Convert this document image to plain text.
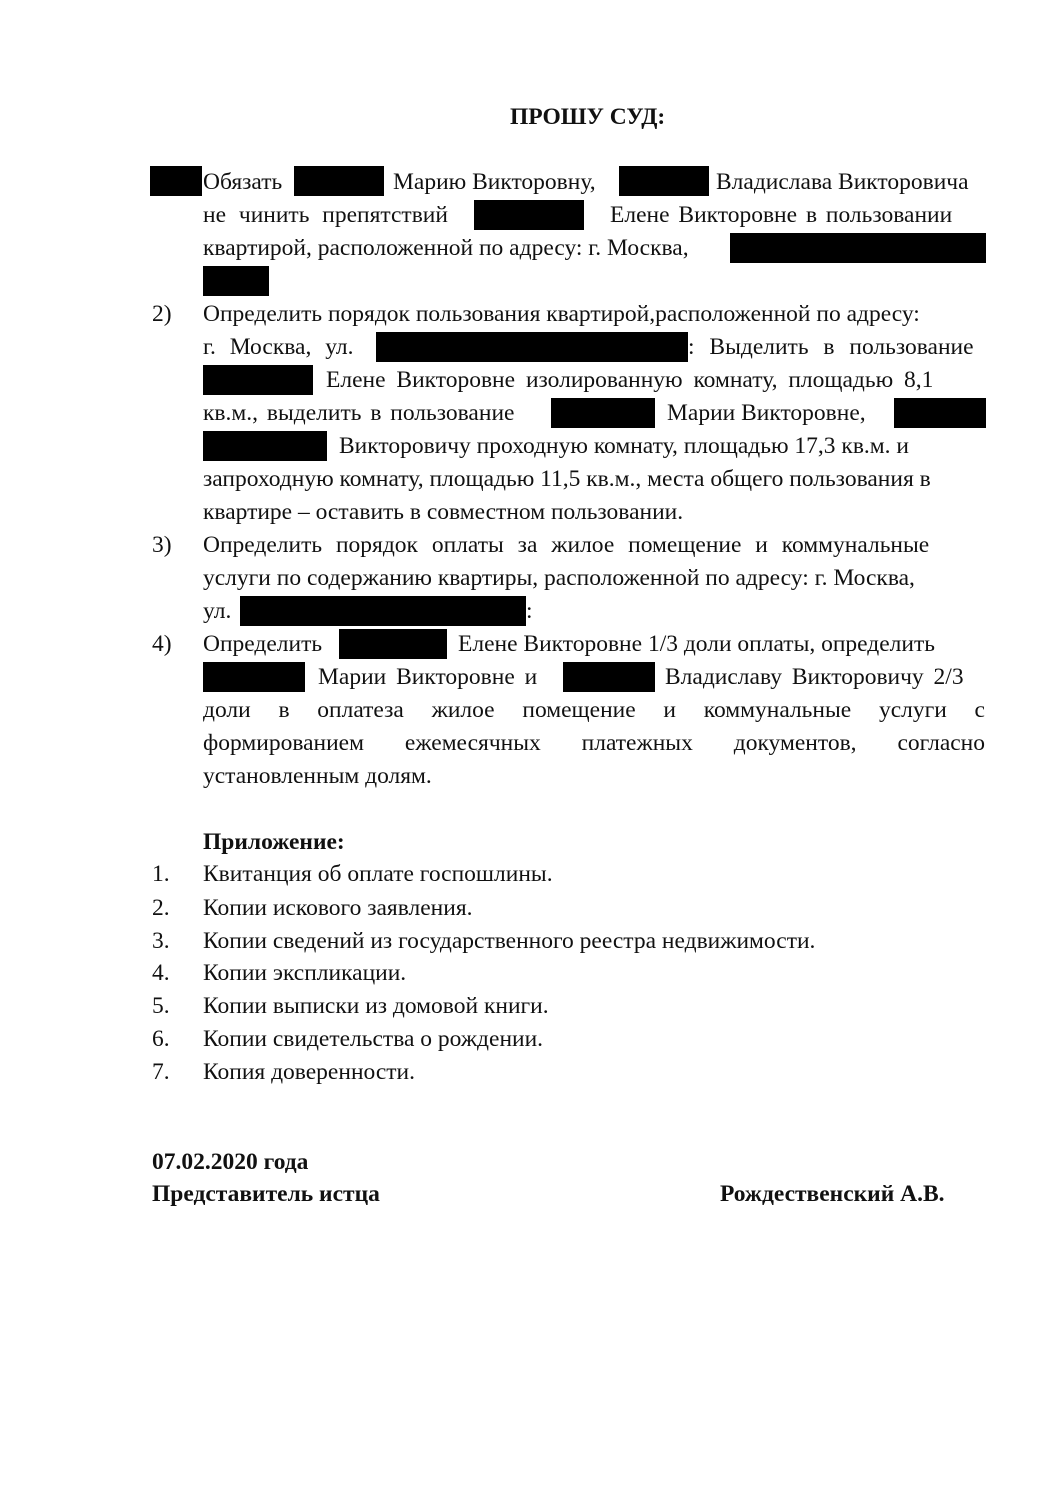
ПРОШУ СУД:
Обязать	Марию Викторовну,	Владислава Викторовича
не чинить препятствий	Елене Викторовне в пользовании
квартирой, расположенной по адресу: г. Москва,
2) Определить порядок пользования квартирой,расположенной по адресу:
г. Москва, ул.	: Выделить в пользование
Елене Викторовне изолированную комнату, площадью 8,1
кв.м., выделить в пользование	Марии Викторовне,
Викторовичу проходную комнату, площадью 17,3 кв.м. и
запроходную комнату, площадью 11,5 кв.м., места общего пользования в
квартире – оставить в совместном пользовании.
3) Определить порядок оплаты за жилое помещение и коммунальные
услуги по содержанию квартиры, расположенной по адресу: г. Москва,
ул.	:
4) Определить	Елене Викторовне 1/3 доли оплаты, определить
Марии Викторовне и	Владиславу Викторовичу 2/3
доли в оплатеза жилое помещение и коммунальные услуги с
формированием ежемесячных платежных документов, согласно
установленным долям.
Приложение:
1. Квитанция об оплате госпошлины.
2. Копии искового заявления.
3. Копии сведений из государственного реестра недвижимости.
4. Копии экспликации.
5. Копии выписки из домовой книги.
6. Копии свидетельства о рождении.
7. Копия доверенности.
07.02.2020 года
Представитель истца	Рождественский А.В.
